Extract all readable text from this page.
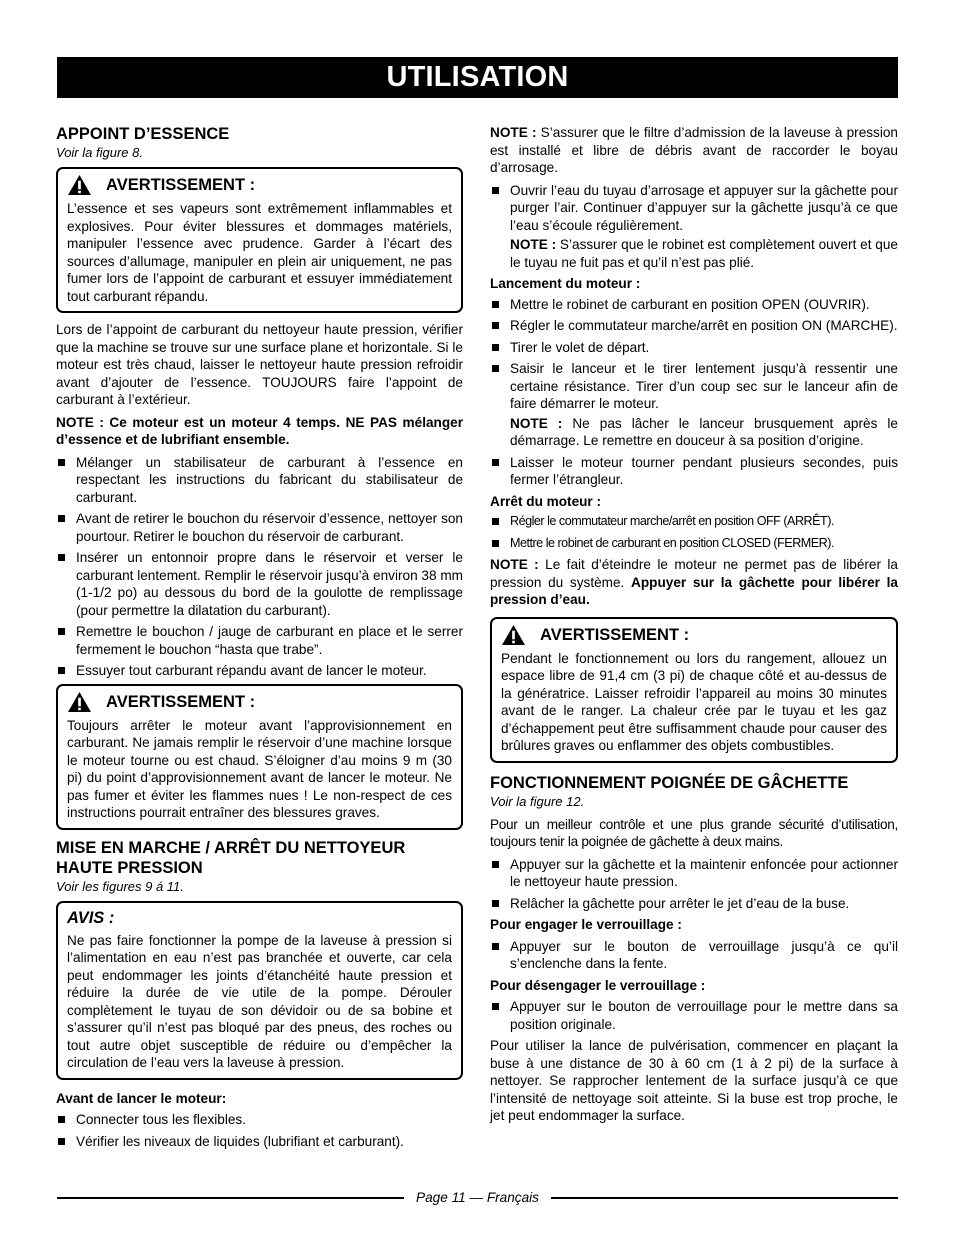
UTILISATION
APPOINT D’ESSENCE
Voir la figure 8.
AVERTISSEMENT :

L’essence et ses vapeurs sont extrêmement inflammables et explosives. Pour éviter blessures et dommages matériels, manipuler l’essence avec prudence. Garder à l’écart des sources d’allumage, manipuler en plein air uniquement, ne pas fumer lors de l’appoint de carburant et essuyer immédiatement tout carburant répandu.

Lors de l’appoint de carburant du nettoyeur haute pression, vérifier que la machine se trouve sur une surface plane et horizontale. Si le moteur est très chaud, laisser le nettoyeur haute pression refroidir avant d’ajouter de l’essence. TOUJOURS faire l’appoint de carburant à l’extérieur.

NOTE : Ce moteur est un moteur 4 temps. NE PAS mélanger d’essence et de lubrifiant ensemble.

Mélanger un stabilisateur de carburant à l’essence en respectant les instructions du fabricant du stabilisateur de carburant.
Avant de retirer le bouchon du réservoir d’essence, nettoyer son pourtour. Retirer le bouchon du réservoir de carburant.
Insérer un entonnoir propre dans le réservoir et verser le carburant lentement. Remplir le réservoir jusqu’à environ 38 mm (1-1/2 po) au dessous du bord de la goulotte de remplissage (pour permettre la dilatation du carburant).
Remettre le bouchon / jauge de carburant en place et le serrer fermement le bouchon “hasta que trabe”.
Essuyer tout carburant répandu avant de lancer le moteur.
AVERTISSEMENT :

Toujours arrêter le moteur avant l’approvisionnement en carburant. Ne jamais remplir le réservoir d’une machine lorsque le moteur tourne ou est chaud. S’éloigner d’au moins 9 m (30 pi) du point d’approvisionnement avant de lancer le moteur. Ne pas fumer et éviter les flammes nues ! Le non-respect de ces instructions pourrait entraîner des blessures graves.

MISE EN MARCHE / ARRÊT DU NETTOYEUR HAUTE PRESSION
Voir les figures 9 á 11.
AVIS :

Ne pas faire fonctionner la pompe de la laveuse à pression si l’alimentation en eau n’est pas branchée et ouverte, car cela peut endommager les joints d’étanchéité haute pression et réduire la durée de vie utile de la pompe. Dérouler complètement le tuyau de son dévidoir ou de sa bobine et s’assurer qu’il n’est pas bloqué par des pneus, des roches ou tout autre objet susceptible de réduire ou d’empêcher la circulation de l’eau vers la laveuse à pression.

Avant de lancer le moteur:

Connecter tous les flexibles.
Vérifier les niveaux de liquides (lubrifiant et carburant).

NOTE : S’assurer que le filtre d’admission de la laveuse à pression est installé et libre de débris avant de raccorder le boyau d’arrosage.

Ouvrir l’eau du tuyau d’arrosage et appuyer sur la gâchette pour purger l’air. Continuer d’appuyer sur la gâchette jusqu’à ce que l’eau s’écoule régulièrement.
NOTE : S’assurer que le robinet est complètement ouvert et que le tuyau ne fuit pas et qu’il n’est pas plié.

Lancement du moteur :

Mettre le robinet de carburant en position OPEN (OUVRIR).
Régler le commutateur marche/arrêt en position ON (MARCHE).
Tirer le volet de départ.
Saisir le lanceur et le tirer lentement jusqu’à ressentir une certaine résistance. Tirer d’un coup sec sur le lanceur afin de faire démarrer le moteur.
NOTE : Ne pas lâcher le lanceur brusquement après le démarrage. Le remettre en douceur à sa position d’origine.
Laisser le moteur tourner pendant plusieurs secondes, puis fermer l’étrangleur.

Arrêt du moteur :

Régler le commutateur marche/arrêt en position OFF (ARRÊT).
Mettre le robinet de carburant en position CLOSED (FERMER).

NOTE : Le fait d’éteindre le moteur ne permet pas de libérer la pression du système. Appuyer sur la gâchette pour libérer la pression d’eau.

AVERTISSEMENT :

Pendant le fonctionnement ou lors du rangement, allouez un espace libre de 91,4 cm (3 pi) de chaque côté et au-dessus de la génératrice. Laisser refroidir l’appareil au moins 30 minutes avant de le ranger. La chaleur crée par le tuyau et les gaz d’échappement peut être suffisamment chaude pour causer des brûlures graves ou enflammer des objets combustibles.

FONCTIONNEMENT POIGNÉE DE GÂCHETTE
Voir la figure 12.

Pour un meilleur contrôle et une plus grande sécurité d’utilisation, toujours tenir la poignée de gâchette à deux mains.

Appuyer sur la gâchette et la maintenir enfoncée pour actionner le nettoyeur haute pression.
Relâcher la gâchette pour arrêter le jet d’eau de la buse.

Pour engager le verrouillage :

Appuyer sur le bouton de verrouillage jusqu’à ce qu’il s’enclenche dans la fente.

Pour désengager le verrouillage :

Appuyer sur le bouton de verrouillage pour le mettre dans sa position originale.

Pour utiliser la lance de pulvérisation, commencer en plaçant la buse à une distance de 30 à 60 cm (1 à 2 pi) de la surface à nettoyer. Se rapprocher lentement de la surface jusqu’à ce que l’intensité de nettoyage soit atteinte. Si la buse est trop proche, le jet peut endommager la surface.

Page 11 — Français
